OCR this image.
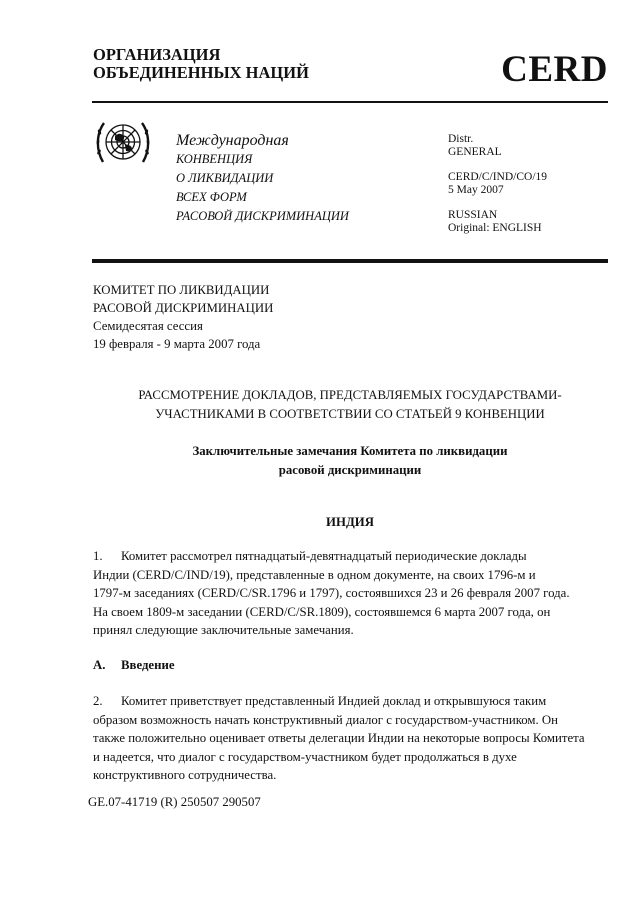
ОРГАНИЗАЦИЯ
ОБЪЕДИНЕННЫХ НАЦИЙ	CERD
Международная
КОНВЕНЦИЯ
О ЛИКВИДАЦИИ
ВСЕХ ФОРМ
РАСОВОЙ ДИСКРИМИНАЦИИ
Distr.
GENERAL
CERD/C/IND/CO/19
5 May 2007
RUSSIAN
Original: ENGLISH
КОМИТЕТ ПО ЛИКВИДАЦИИ
РАСОВОЙ ДИСКРИМИНАЦИИ
Семидесятая сессия
19 февраля - 9 марта 2007 года
РАССМОТРЕНИЕ ДОКЛАДОВ, ПРЕДСТАВЛЯЕМЫХ ГОСУДАРСТВАМИ-
УЧАСТНИКАМИ В СООТВЕТСТВИИ СО СТАТЬЕЙ 9 КОНВЕНЦИИ
Заключительные замечания Комитета по ликвидации
расовой дискриминации
ИНДИЯ
1. Комитет рассмотрел пятнадцатый-девятнадцатый периодические доклады
Индии (CERD/C/IND/19), представленные в одном документе, на своих 1796-м и
1797-м заседаниях (CERD/C/SR.1796 и 1797), состоявшихся 23 и 26 февраля 2007 года.
На своем 1809-м заседании (CERD/C/SR.1809), состоявшемся 6 марта 2007 года, он
принял следующие заключительные замечания.
A. Введение
2. Комитет приветствует представленный Индией доклад и открывшуюся таким
образом возможность начать конструктивный диалог с государством-участником. Он
также положительно оценивает ответы делегации Индии на некоторые вопросы Комитета
и надеется, что диалог с государством-участником будет продолжаться в духе
конструктивного сотрудничества.
GE.07-41719 (R) 250507 290507
